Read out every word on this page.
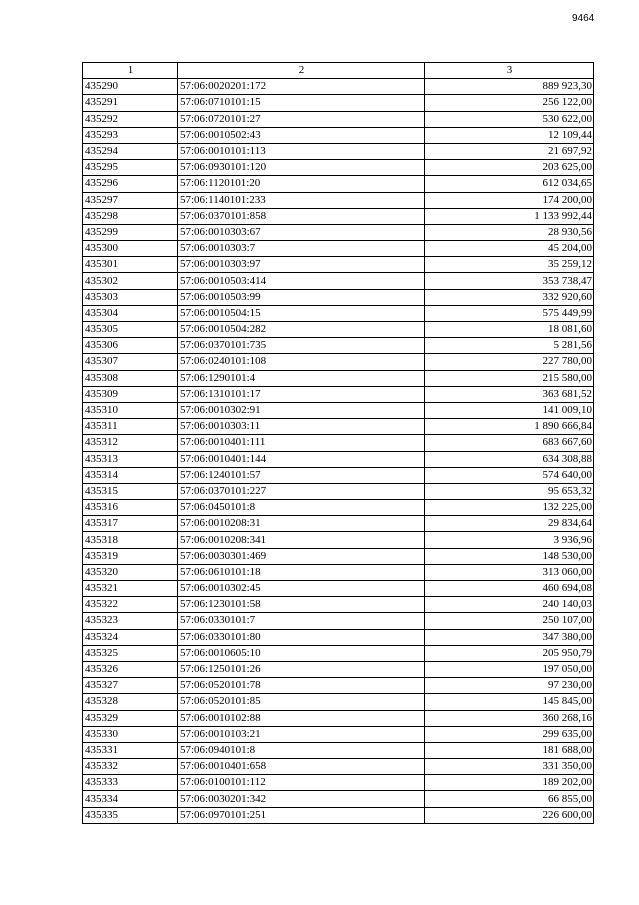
9464
1	2	3
435290	57:06:0020201:172	889 923,30
435291	57:06:0710101:15	256 122,00
435292	57:06:0720101:27	530 622,00
435293	57:06:0010502:43	12 109,44
435294	57:06:0010101:113	21 697,92
435295	57:06:0930101:120	203 625,00
435296	57:06:1120101:20	612 034,65
435297	57:06:1140101:233	174 200,00
435298	57:06:0370101:858	1 133 992,44
435299	57:06:0010303:67	28 930,56
435300	57:06:0010303:7	45 204,00
435301	57:06:0010303:97	35 259,12
435302	57:06:0010503:414	353 738,47
435303	57:06:0010503:99	332 920,60
435304	57:06:0010504:15	575 449,99
435305	57:06:0010504:282	18 081,60
435306	57:06:0370101:735	5 281,56
435307	57:06:0240101:108	227 780,00
435308	57:06:1290101:4	215 580,00
435309	57:06:1310101:17	363 681,52
435310	57:06:0010302:91	141 009,10
435311	57:06:0010303:11	1 890 666,84
435312	57:06:0010401:111	683 667,60
435313	57:06:0010401:144	634 308,88
435314	57:06:1240101:57	574 640,00
435315	57:06:0370101:227	95 653,32
435316	57:06:0450101:8	132 225,00
435317	57:06:0010208:31	29 834,64
435318	57:06:0010208:341	3 936,96
435319	57:06:0030301:469	148 530,00
435320	57:06:0610101:18	313 060,00
435321	57:06:0010302:45	460 694,08
435322	57:06:1230101:58	240 140,03
435323	57:06:0330101:7	250 107,00
435324	57:06:0330101:80	347 380,00
435325	57:06:0010605:10	205 950,79
435326	57:06:1250101:26	197 050,00
435327	57:06:0520101:78	97 230,00
435328	57:06:0520101:85	145 845,00
435329	57:06:0010102:88	360 268,16
435330	57:06:0010103:21	299 635,00
435331	57:06:0940101:8	181 688,00
435332	57:06:0010401:658	331 350,00
435333	57:06:0100101:112	189 202,00
435334	57:06:0030201:342	66 855,00
435335	57:06:0970101:251	226 600,00
